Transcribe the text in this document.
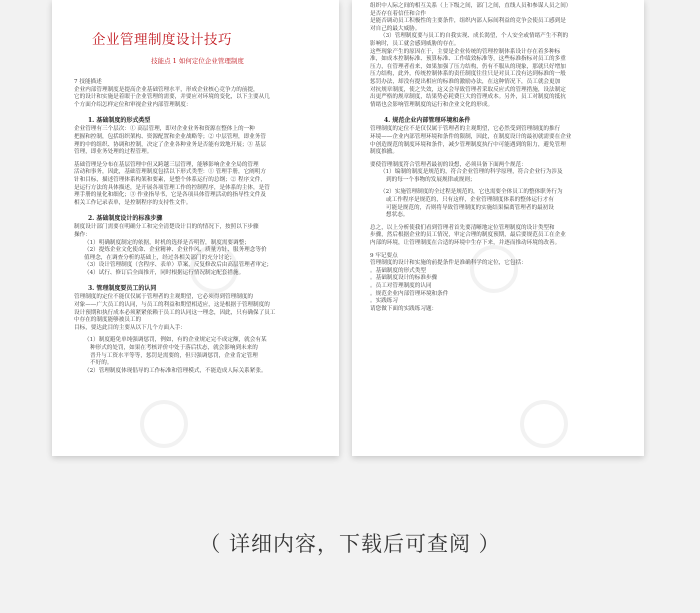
企业管理制度设计技巧
技能点 1 如何定位企业管理制度
7 技能描述
企业内部管理制度是提高企业基础管理水平，形成企业核心竞争力的前提，
它的设计和实施是着眼于企业管理的需要，并要应对环境的变化，以下主要从几
个方面介绍怎样定位和审视企业内部管理制度：
1. 基础制度的形式类型
企业管理有三个层次：① 高层管理，即对企业业务和资源在整体上的一种
把握和控制，包括组织架构、资源配置和企业战略等；② 中层管理，即业务管
理的中的组织、协调和控制，决定了企业各种业务是否能有效地开展；③ 基层
管理，即业务处理的过程管理。
基础管理是分布在基层管理中但又跨越三层管理，能够影响企业全局的管理
活动和事务，因此，基础管理制度包括以下形式类型：① 管理手册，它阐明方
针和目标，描述管理体系构架和要素，是整个体系运行的总纲；② 程序文件，
是运行方法的具体描述，是开展各项管理工作的控制程序，是体系的主体，是管
理手册的量化和细化；③ 作业指导书，它是各项具体管理活动的指导性文件及
相关工作记录表单，是控制程序的支持性文件。
2. 基础制度设计的标准步骤
制度设计部门需要在明确分工和完全清楚设计目的的情况下，按照以下步骤
操作：
（1）明确制度制定的依据，时机的选择是否明智，制度需要调整；
（2）提炼企业文化使命、企业精神、企业作风、质量方针、服务理念等价
值理念，在调查分析的基础上，经过各相关部门的充分讨论；
（3）设计管理制度（含程序、表单）草案，反复修改后由高层管理者审定；
（4）试行、修订后全面推开，同时根据运行情况制定配套措施。
3. 管理制度要员工的认同
管理制度的定位不能仅仅属于管理者的主观期望，它必须得到管理制度的
对象——广大员工的认同，与员工的利益和期望相适应，这是根据于管理制度的
设计预期和执行成本必须紧紧依赖于员工的认同这一理念，因此，只有确保了员工
中存在的制度能够被员工的
目标，要达此目的主要从以下几个方面入手：
（1）制度避免单纯强调惩罚，例如，有的企业规定完不成定额，就会有某
种形式的处罚，如果在考核评价中处于落后状态，就会影响到未来的
晋升与工资水平等等，惩罚是需要的，但只强调惩罚，企业肯定管理
不好的。
（2）管理制度体现倡导的工作标准和管理模式，不能造成人际关系紧张。
组织中人际之间的相互关系（上下级之间，部门之间，直线人员和参谋人员之间）
是否存在着信任和合作
是能否调动员工积极性的主要条件，组织内部人际间利益的竞争会使员工感到是
对自己的最大威胁。
（3）管理制度要与员工的自我实现、成长渴望，个人安全或情绪产生不利的
影响时，员工就会感到威胁的存在。
这些现象产生的原因在于，主要是企业传统的管理控制体系设计存在着多种标
准，如成本控制标准、预算标准、工作绩效标准等，这些标准指标对员工的多重
压力，在管理者看来，如果加强了压力结构，仍有不服从的现象，那就只好增加
压力结构，此外，传统控制体系的责任制度往往只是对员工没有达到标准的一般
惩罚办法，却没有提出相应的标准的激励办法，在这种情况下，员工就会更加
对抗规章制度，使之失效，这又会导致管理者采取反应式的管理措施，设法制定
出更严格的规章制度，结果势必耗费巨大的管理成本。另外，员工对制度的抵抗
情绪也会影响管理制度的运行和企业文化的形成。
4. 规范企业内部管理环境和条件
管理制度的定位不是仅仅属于管理者的主观期望，它必然受到管理制度的推行
环境——企业内部管理环境和条件的限制，因此，在制度设计的最初就需要在企业
中创造规范的制度环境和条件，减少管理制度执行中可能遇到的阻力，避免管理
制度推撤。
要使管理制度符合管理者最初的设想，必须具备下面两个规范：
（1）编制的制度是规范的，符合企业管理的科学原理，符合企业行为涉及
到的每一个事物的发展规律或规则；
（2）实施管理制度的全过程是规范的，它也需要全体员工的整体职务行为
或工作程序是规范的，只有这样，企业管理制度体系的整体运行才有
可能是规范的，否则将导致管理制度的实施结果偏离管理者的最初设
想状态。
总之，以上分析使我们看到管理者首先要清晰地定位管理制度的设计类型和
步骤，然后根据企业的员工情况，审定合理的制度预期，最后要规范员工在企业
内部的环境，让管理制度在合适的环境中生存下来，并逐而推动环境的改善。
9 牢记要点
管理制度的设计和实施的前提条件是准确科学的定位，它包括：
。基础制度的形式类型
。基础制度设计的标准步骤
。员工对管理制度的认同
。规范企业内部管理环境和条件
。实践练习
请您做下面的实践练习题：
（ 详细内容，下载后可查阅 ）
